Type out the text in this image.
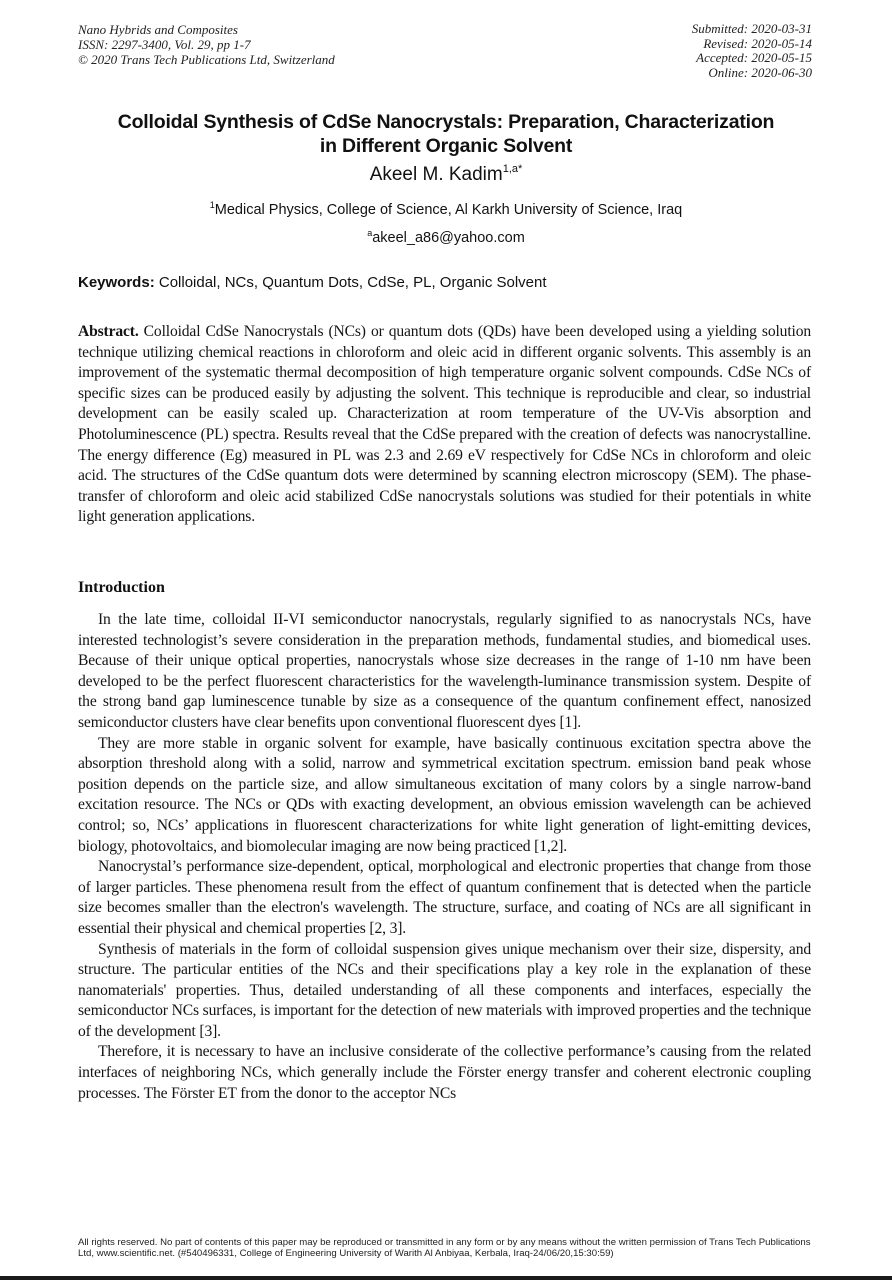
Nano Hybrids and Composites
ISSN: 2297-3400, Vol. 29, pp 1-7
© 2020 Trans Tech Publications Ltd, Switzerland
Submitted: 2020-03-31
Revised: 2020-05-14
Accepted: 2020-05-15
Online: 2020-06-30
Colloidal Synthesis of CdSe Nanocrystals: Preparation, Characterization
in Different Organic Solvent
Akeel M. Kadim$^{1,a*}$
$^1$Medical Physics, College of Science, Al Karkh University of Science, Iraq
$^a$akeel_a86@yahoo.com
Keywords: Colloidal, NCs, Quantum Dots, CdSe, PL, Organic Solvent
Abstract. Colloidal CdSe Nanocrystals (NCs) or quantum dots (QDs) have been developed using a yielding solution technique utilizing chemical reactions in chloroform and oleic acid in different organic solvents. This assembly is an improvement of the systematic thermal decomposition of high temperature organic solvent compounds. CdSe NCs of specific sizes can be produced easily by adjusting the solvent. This technique is reproducible and clear, so industrial development can be easily scaled up. Characterization at room temperature of the UV-Vis absorption and Photoluminescence (PL) spectra. Results reveal that the CdSe prepared with the creation of defects was nanocrystalline. The energy difference (Eg) measured in PL was 2.3 and 2.69 eV respectively for CdSe NCs in chloroform and oleic acid. The structures of the CdSe quantum dots were determined by scanning electron microscopy (SEM). The phase-transfer of chloroform and oleic acid stabilized CdSe nanocrystals solutions was studied for their potentials in white light generation applications.
Introduction

In the late time, colloidal II-VI semiconductor nanocrystals, regularly signified to as nanocrystals NCs, have interested technologist’s severe consideration in the preparation methods, fundamental studies, and biomedical uses. Because of their unique optical properties, nanocrystals whose size decreases in the range of 1-10 nm have been developed to be the perfect fluorescent characteristics for the wavelength-luminance transmission system. Despite of the strong band gap luminescence tunable by size as a consequence of the quantum confinement effect, nanosized semiconductor clusters have clear benefits upon conventional fluorescent dyes [1].

They are more stable in organic solvent for example, have basically continuous excitation spectra above the absorption threshold along with a solid, narrow and symmetrical excitation spectrum. emission band peak whose position depends on the particle size, and allow simultaneous excitation of many colors by a single narrow-band excitation resource. The NCs or QDs with exacting development, an obvious emission wavelength can be achieved control; so, NCs’ applications in fluorescent characterizations for white light generation of light-emitting devices, biology, photovoltaics, and biomolecular imaging are now being practiced [1,2].

Nanocrystal’s performance size-dependent, optical, morphological and electronic properties that change from those of larger particles. These phenomena result from the effect of quantum confinement that is detected when the particle size becomes smaller than the electron's wavelength. The structure, surface, and coating of NCs are all significant in essential their physical and chemical properties [2, 3].

Synthesis of materials in the form of colloidal suspension gives unique mechanism over their size, dispersity, and structure. The particular entities of the NCs and their specifications play a key role in the explanation of these nanomaterials' properties. Thus, detailed understanding of all these components and interfaces, especially the semiconductor NCs surfaces, is important for the detection of new materials with improved properties and the technique of the development [3].

Therefore, it is necessary to have an inclusive considerate of the collective performance’s causing from the related interfaces of neighboring NCs, which generally include the Förster energy transfer and coherent electronic coupling processes. The Förster ET from the donor to the acceptor NCs

All rights reserved. No part of contents of this paper may be reproduced or transmitted in any form or by any means without the written permission of Trans Tech Publications Ltd, www.scientific.net. (#540496331, College of Engineering University of Warith Al Anbiyaa, Kerbala, Iraq-24/06/20,15:30:59)
